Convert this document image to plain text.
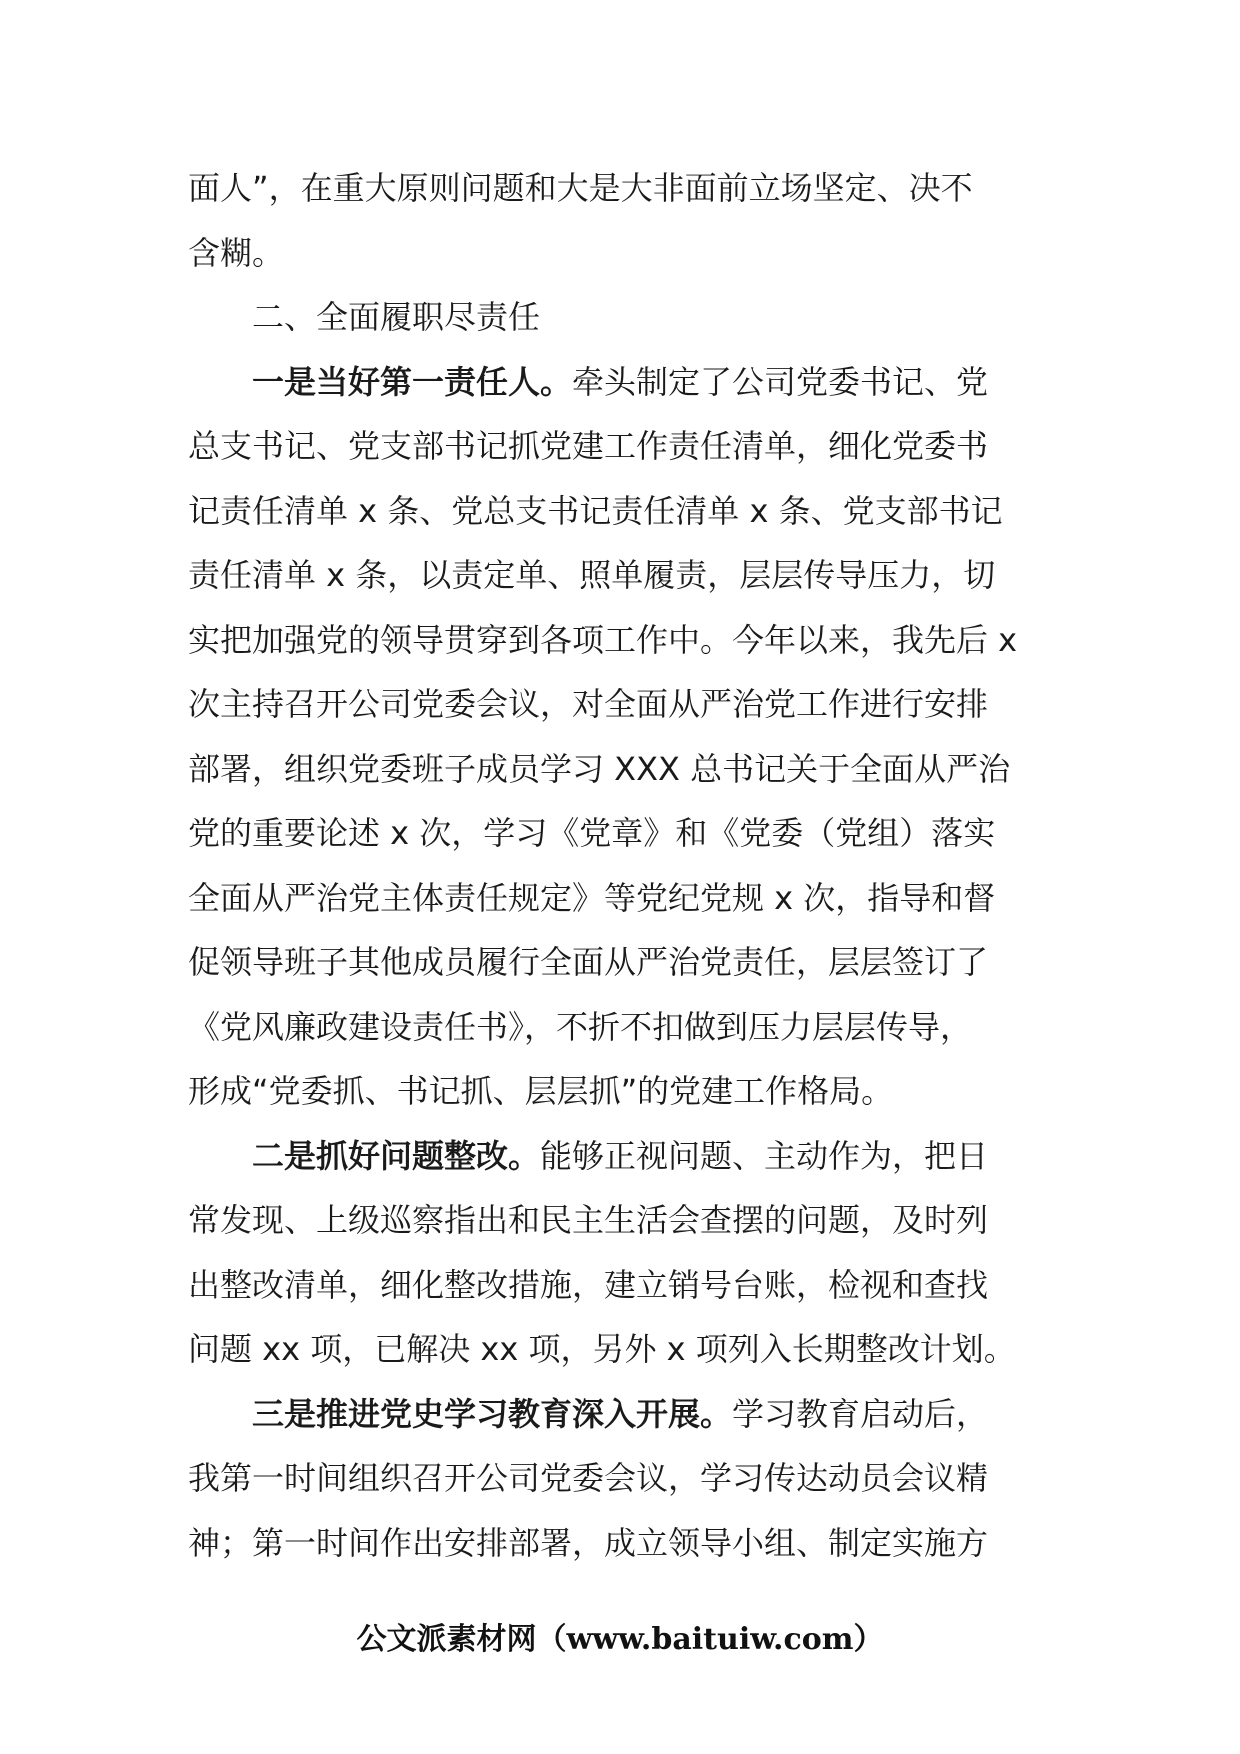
面人”，在重大原则问题和大是大非面前立场坚定、决不
含糊。
二、全面履职尽责任
一是当好第一责任人。牵头制定了公司党委书记、党
总支书记、党支部书记抓党建工作责任清单，细化党委书
记责任清单 x 条、党总支书记责任清单 x 条、党支部书记
责任清单 x 条，以责定单、照单履责，层层传导压力，切
实把加强党的领导贯穿到各项工作中。今年以来，我先后 x
次主持召开公司党委会议，对全面从严治党工作进行安排
部署，组织党委班子成员学习 XXX 总书记关于全面从严治
党的重要论述 x 次，学习《党章》和《党委（党组）落实
全面从严治党主体责任规定》等党纪党规 x 次，指导和督
促领导班子其他成员履行全面从严治党责任，层层签订了
《党风廉政建设责任书》，不折不扣做到压力层层传导，
形成“党委抓、书记抓、层层抓”的党建工作格局。
二是抓好问题整改。能够正视问题、主动作为，把日
常发现、上级巡察指出和民主生活会查摆的问题，及时列
出整改清单，细化整改措施，建立销号台账，检视和查找
问题 xx 项，已解决 xx 项，另外 x 项列入长期整改计划。
三是推进党史学习教育深入开展。学习教育启动后，
我第一时间组织召开公司党委会议，学习传达动员会议精
神；第一时间作出安排部署，成立领导小组、制定实施方
公文派素材网（www.baituiw.com）
